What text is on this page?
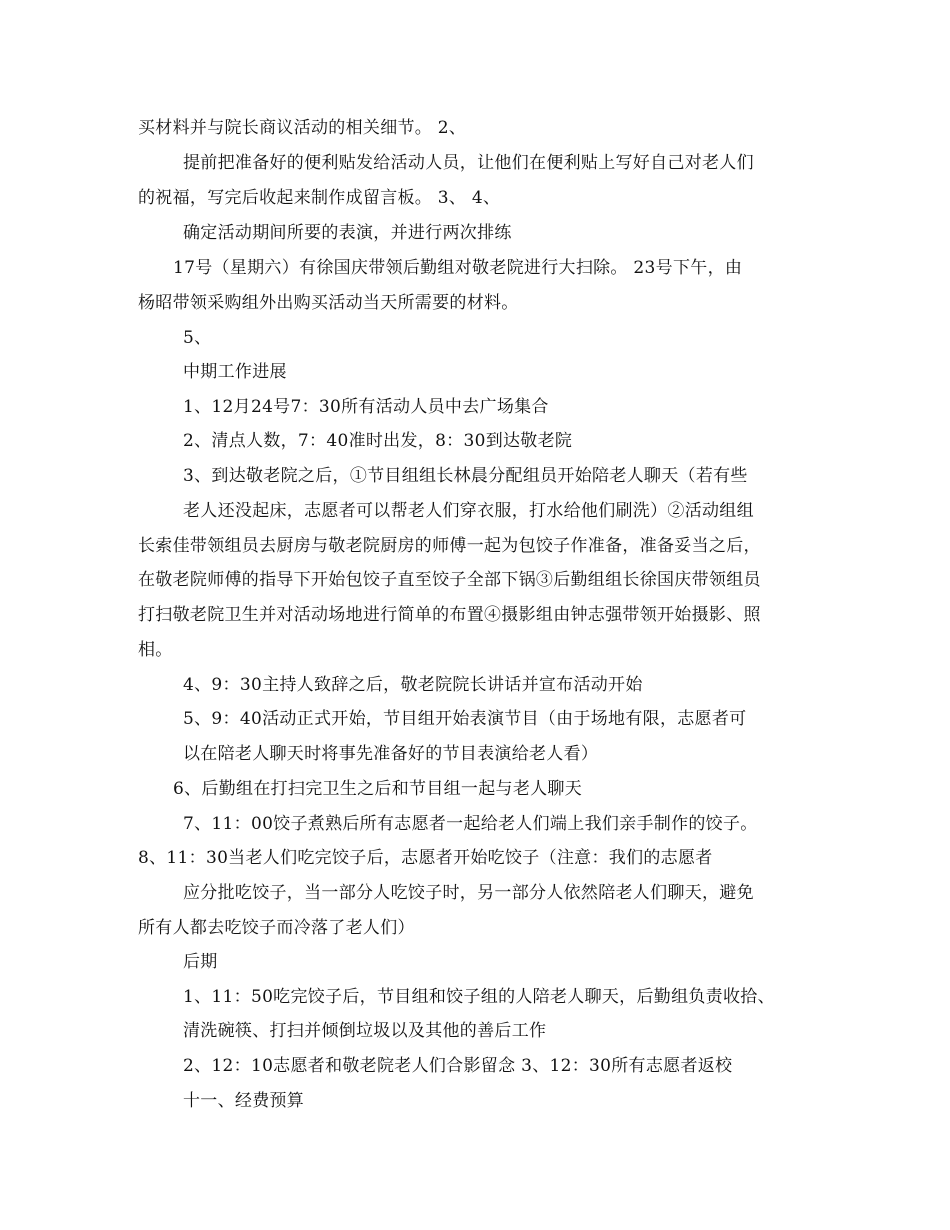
买材料并与院长商议活动的相关细节。 2、
提前把准备好的便利贴发给活动人员，让他们在便利贴上写好自己对老人们
的祝福，写完后收起来制作成留言板。 3、 4、
确定活动期间所要的表演，并进行两次排练
17号（星期六）有徐国庆带领后勤组对敬老院进行大扫除。 23号下午，由
杨昭带领采购组外出购买活动当天所需要的材料。
5、
中期工作进展
1、12月24号7：30所有活动人员中去广场集合
2、清点人数，7：40准时出发，8：30到达敬老院
3、到达敬老院之后，①节目组组长林晨分配组员开始陪老人聊天（若有些
老人还没起床，志愿者可以帮老人们穿衣服，打水给他们刷洗）②活动组组
长索佳带领组员去厨房与敬老院厨房的师傅一起为包饺子作准备，准备妥当之后，
在敬老院师傅的指导下开始包饺子直至饺子全部下锅③后勤组组长徐国庆带领组员
打扫敬老院卫生并对活动场地进行简单的布置④摄影组由钟志强带领开始摄影、照
相。
4、9：30主持人致辞之后，敬老院院长讲话并宣布活动开始
5、9：40活动正式开始，节目组开始表演节目（由于场地有限，志愿者可
以在陪老人聊天时将事先准备好的节目表演给老人看）
6、后勤组在打扫完卫生之后和节目组一起与老人聊天
7、11：00饺子煮熟后所有志愿者一起给老人们端上我们亲手制作的饺子。
8、11：30当老人们吃完饺子后，志愿者开始吃饺子（注意：我们的志愿者
应分批吃饺子，当一部分人吃饺子时，另一部分人依然陪老人们聊天，避免
所有人都去吃饺子而冷落了老人们）
后期
1、11：50吃完饺子后，节目组和饺子组的人陪老人聊天，后勤组负责收拾、
清洗碗筷、打扫并倾倒垃圾以及其他的善后工作
2、12：10志愿者和敬老院老人们合影留念 3、12：30所有志愿者返校
十一、经费预算
